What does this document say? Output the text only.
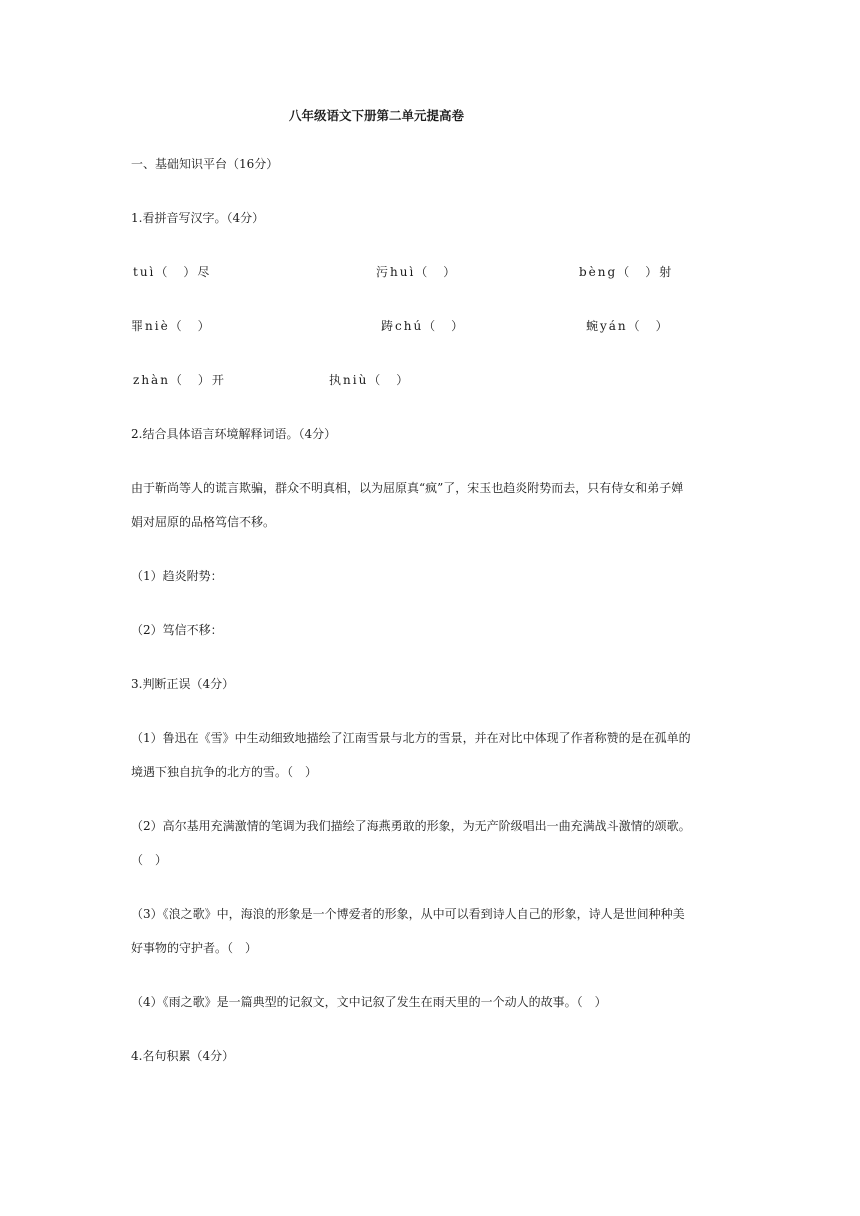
八年级语文下册第二单元提高卷
一、基础知识平台（16分）
1.看拼音写汉字。（4分）
tuì（　）尽	污huì（　）	bèng（　）射
罪niè（　）	踌chú（　）	蜿yán（　）
zhàn（　）开	执niù（　）
2.结合具体语言环境解释词语。（4分）
由于靳尚等人的谎言欺骗，群众不明真相，以为屈原真“疯”了，宋玉也趋炎附势而去，只有侍女和弟子婵
娟对屈原的品格笃信不移。
（1）趋炎附势：
（2）笃信不移：
3.判断正误（4分）
（1）鲁迅在《雪》中生动细致地描绘了江南雪景与北方的雪景，并在对比中体现了作者称赞的是在孤单的
境遇下独自抗争的北方的雪。（　）
（2）高尔基用充满激情的笔调为我们描绘了海燕勇敢的形象，为无产阶级唱出一曲充满战斗激情的颂歌。
（　）
（3）《浪之歌》中，海浪的形象是一个博爱者的形象，从中可以看到诗人自己的形象，诗人是世间种种美
好事物的守护者。（　）
（4）《雨之歌》是一篇典型的记叙文，文中记叙了发生在雨天里的一个动人的故事。（　）
4.名句积累（4分）
